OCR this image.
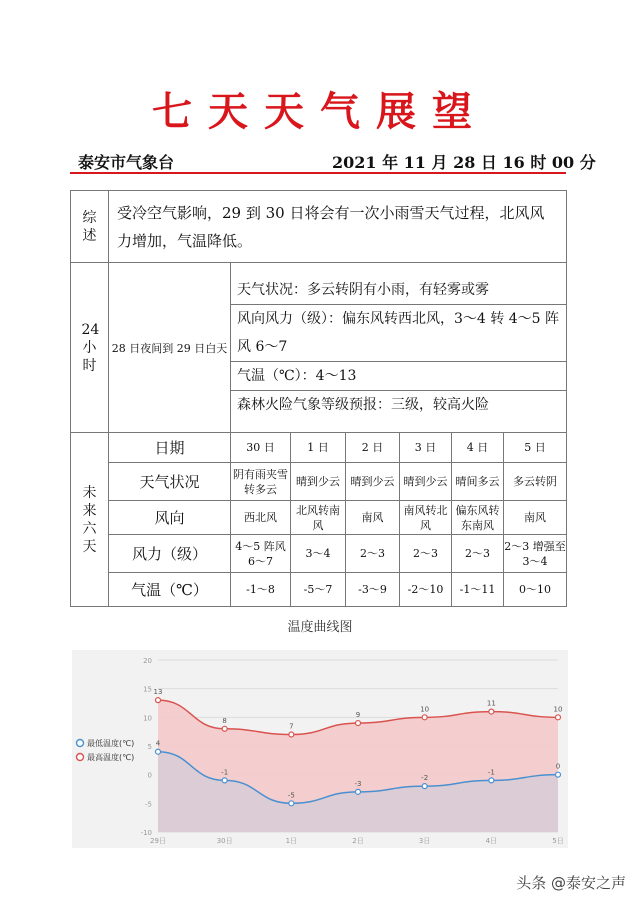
七天天气展望
泰安市气象台	2021 年 11 月 28 日 16 时 00 分
综述	受冷空气影响，29 到 30 日将会有一次小雨雪天气过程，北风风力增加，气温降低。						
24小时	28 日夜间到 29 日白天	天气状况：多云转阴有小雨，有轻雾或雾
风向风力（级）：偏东风转西北风，3～4 转 4～5 阵风 6～7
气温（℃）：4～13
森林火险气象等级预报：三级，较高火险					

未来六天	日期	30 日	1 日	2 日	3 日	4 日	5 日
	天气状况	阴有雨夹雪转多云	晴到少云	晴到少云	晴到少云	晴间多云	多云转阴
	风向	西北风	北风转南风	南风	南风转北风	偏东风转东南风	南风
	风力（级）	4～5 阵风 6～7	3～4	2～3	2～3	2～3	2～3 增强至 3～4
	气温（℃）	-1～8	-5～7	-3～9	-2～10	-1～11	0～10
温度曲线图
20
15
10
5
0
-5
-10
29日	30日	1日	2日	3日	4日	5日
13
8
7
9
10
11
10
4
-1
-5
-3
-2
-1
0
最低温度(℃)
最高温度(℃)
头条 @泰安之声
